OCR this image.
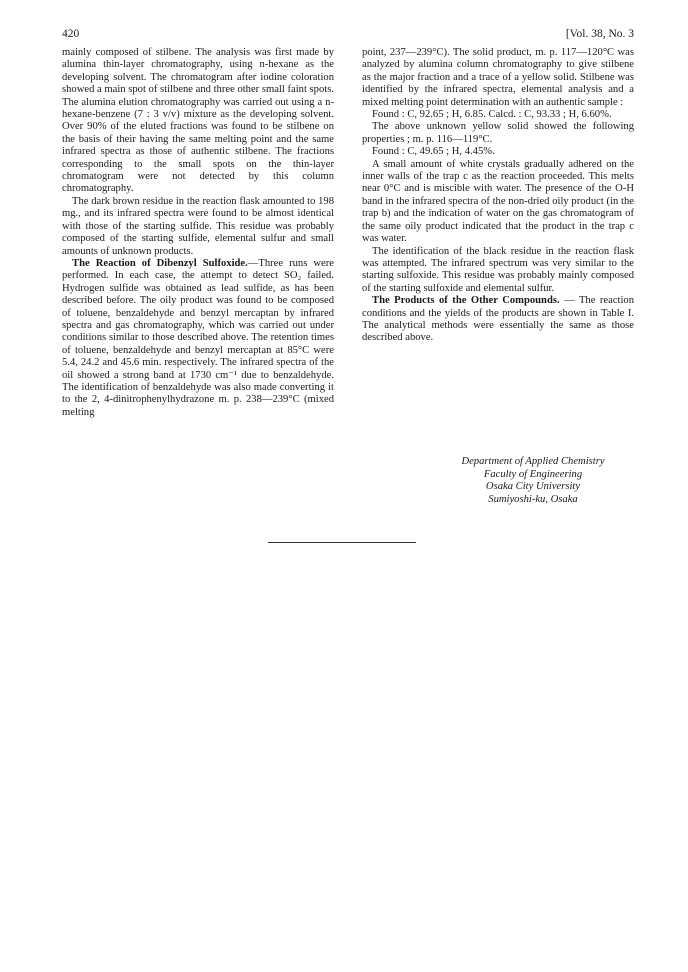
420	[Vol. 38, No. 3

mainly composed of stilbene. The analysis was first made by alumina thin-layer chromatography, using n-hexane as the developing solvent. The chromatogram after iodine coloration showed a main spot of stilbene and three other small faint spots. The alumina elution chromatography was carried out using a n-hexane-benzene (7 : 3 v/v) mixture as the developing solvent. Over 90% of the eluted fractions was found to be stilbene on the basis of their having the same melting point and the same infrared spectra as those of authentic stilbene. The fractions corresponding to the small spots on the thin-layer chromatogram were not detected by this column chromatography.

The dark brown residue in the reaction flask amounted to 198 mg., and its infrared spectra were found to be almost identical with those of the starting sulfide. This residue was probably composed of the starting sulfide, elemental sulfur and small amounts of unknown products.

The Reaction of Dibenzyl Sulfoxide.—Three runs were performed. In each case, the attempt to detect SO₂ failed. Hydrogen sulfide was obtained as lead sulfide, as has been described before. The oily product was found to be composed of toluene, benzaldehyde and benzyl mercaptan by infrared spectra and gas chromatography, which was carried out under conditions similar to those described above. The retention times of toluene, benzaldehyde and benzyl mercaptan at 85°C were 5.4, 24.2 and 45.6 min. respectively. The infrared spectra of the oil showed a strong band at 1730 cm⁻¹ due to benzaldehyde. The identification of benzaldehyde was also made converting it to the 2, 4-dinitrophenylhydrazone m. p. 238—239°C (mixed melting

point, 237—239°C). The solid product, m. p. 117—120°C was analyzed by alumina column chromatography to give stilbene as the major fraction and a trace of a yellow solid. Stilbene was identified by the infrared spectra, elemental analysis and a mixed melting point determination with an authentic sample :

Found : C, 92.65 ; H, 6.85. Calcd. : C, 93.33 ; H, 6.60%.

The above unknown yellow solid showed the following properties ; m. p. 116—119°C.

Found : C, 49.65 ; H, 4.45%.

A small amount of white crystals gradually adhered on the inner walls of the trap c as the reaction proceeded. This melts near 0°C and is miscible with water. The presence of the O-H band in the infrared spectra of the non-dried oily product (in the trap b) and the indication of water on the gas chromatogram of the same oily product indicated that the product in the trap c was water.

The identification of the black residue in the reaction flask was attempted. The infrared spectrum was very similar to the starting sulfoxide. This residue was probably mainly composed of the starting sulfoxide and elemental sulfur.

The Products of the Other Compounds. — The reaction conditions and the yields of the products are shown in Table I. The analytical methods were essentially the same as those described above.

Department of Applied Chemistry
Faculty of Engineering
Osaka City University
Sumiyoshi-ku, Osaka
